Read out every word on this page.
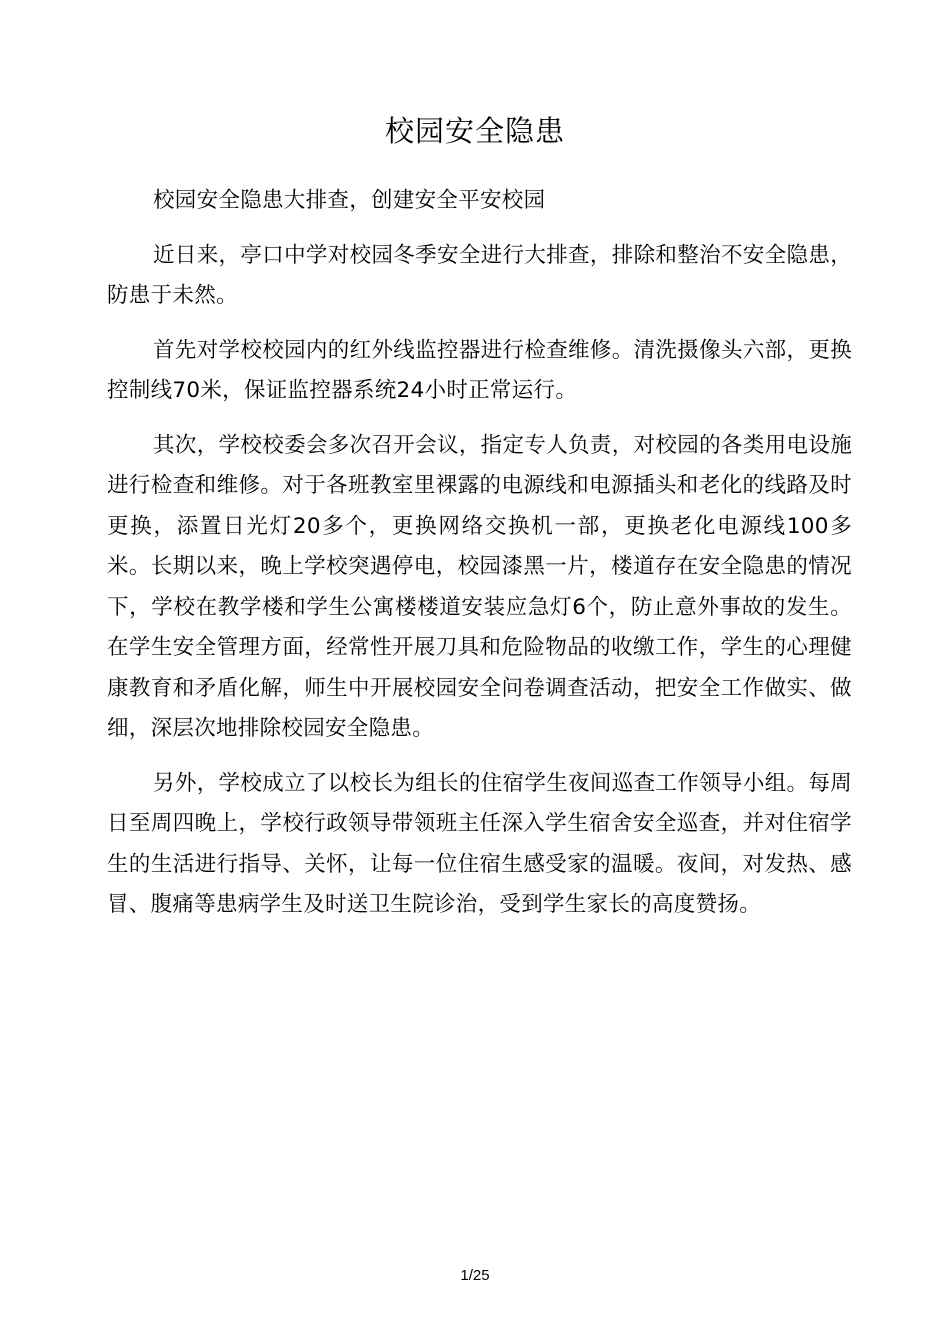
校园安全隐患

校园安全隐患大排查，创建安全平安校园

近日来，亭口中学对校园冬季安全进行大排查，排除和整治不安全隐患，防患于未然。

首先对学校校园内的红外线监控器进行检查维修。清洗摄像头六部，更换控制线70米，保证监控器系统24小时正常运行。

其次，学校校委会多次召开会议，指定专人负责，对校园的各类用电设施进行检查和维修。对于各班教室里裸露的电源线和电源插头和老化的线路及时更换，添置日光灯20多个，更换网络交换机一部，更换老化电源线100多米。长期以来，晚上学校突遇停电，校园漆黑一片，楼道存在安全隐患的情况下，学校在教学楼和学生公寓楼楼道安装应急灯6个，防止意外事故的发生。在学生安全管理方面，经常性开展刀具和危险物品的收缴工作，学生的心理健康教育和矛盾化解，师生中开展校园安全问卷调查活动，把安全工作做实、做细，深层次地排除校园安全隐患。

另外，学校成立了以校长为组长的住宿学生夜间巡查工作领导小组。每周日至周四晚上，学校行政领导带领班主任深入学生宿舍安全巡查，并对住宿学生的生活进行指导、关怀，让每一位住宿生感受家的温暖。夜间，对发热、感冒、腹痛等患病学生及时送卫生院诊治，受到学生家长的高度赞扬。

1/25
